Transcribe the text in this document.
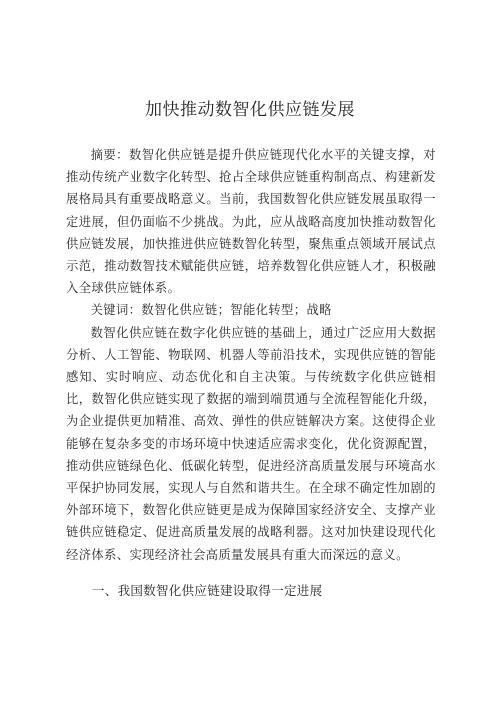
加快推动数智化供应链发展

摘要：数智化供应链是提升供应链现代化水平的关键支撑，对推动传统产业数字化转型、抢占全球供应链重构制高点、构建新发展格局具有重要战略意义。当前，我国数智化供应链发展虽取得一定进展，但仍面临不少挑战。为此，应从战略高度加快推动数智化供应链发展，加快推进供应链数智化转型，聚焦重点领域开展试点示范，推动数智技术赋能供应链，培养数智化供应链人才，积极融入全球供应链体系。

关键词：数智化供应链；智能化转型；战略

数智化供应链在数字化供应链的基础上，通过广泛应用大数据分析、人工智能、物联网、机器人等前沿技术，实现供应链的智能感知、实时响应、动态优化和自主决策。与传统数字化供应链相比，数智化供应链实现了数据的端到端贯通与全流程智能化升级，为企业提供更加精准、高效、弹性的供应链解决方案。这使得企业能够在复杂多变的市场环境中快速适应需求变化，优化资源配置，推动供应链绿色化、低碳化转型，促进经济高质量发展与环境高水平保护协同发展，实现人与自然和谐共生。在全球不确定性加剧的外部环境下，数智化供应链更是成为保障国家经济安全、支撑产业链供应链稳定、促进高质量发展的战略利器。这对加快建设现代化经济体系、实现经济社会高质量发展具有重大而深远的意义。

一、我国数智化供应链建设取得一定进展
